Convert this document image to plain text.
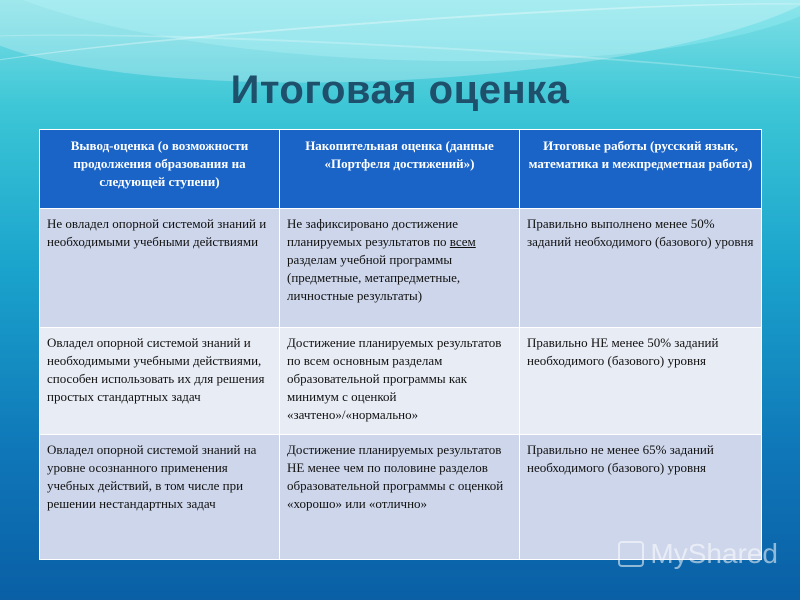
Итоговая оценка
Вывод-оценка (о возможности продолжения образования на следующей ступени)	Накопительная оценка (данные «Портфеля достижений»)	Итоговые работы (русский язык, математика и межпредметная работа)
Не овладел опорной системой знаний и необходимыми учебными действиями	Не зафиксировано достижение планируемых результатов по всем разделам учебной программы (предметные, метапредметные, личностные результаты)	Правильно выполнено менее 50% заданий необходимого (базового) уровня
Овладел опорной системой знаний и необходимыми учебными действиями, способен использовать их для решения простых стандартных задач	Достижение планируемых результатов по всем основным разделам образовательной программы как минимум с оценкой «зачтено»/«нормально»	Правильно НЕ менее 50% заданий необходимого (базового) уровня
Овладел опорной системой знаний на уровне осознанного применения учебных действий, в том числе при решении нестандартных задач	Достижение планируемых результатов НЕ менее чем по половине разделов образовательной программы с оценкой «хорошо» или «отлично»	Правильно не менее 65% заданий необходимого (базового) уровня
MyShared
